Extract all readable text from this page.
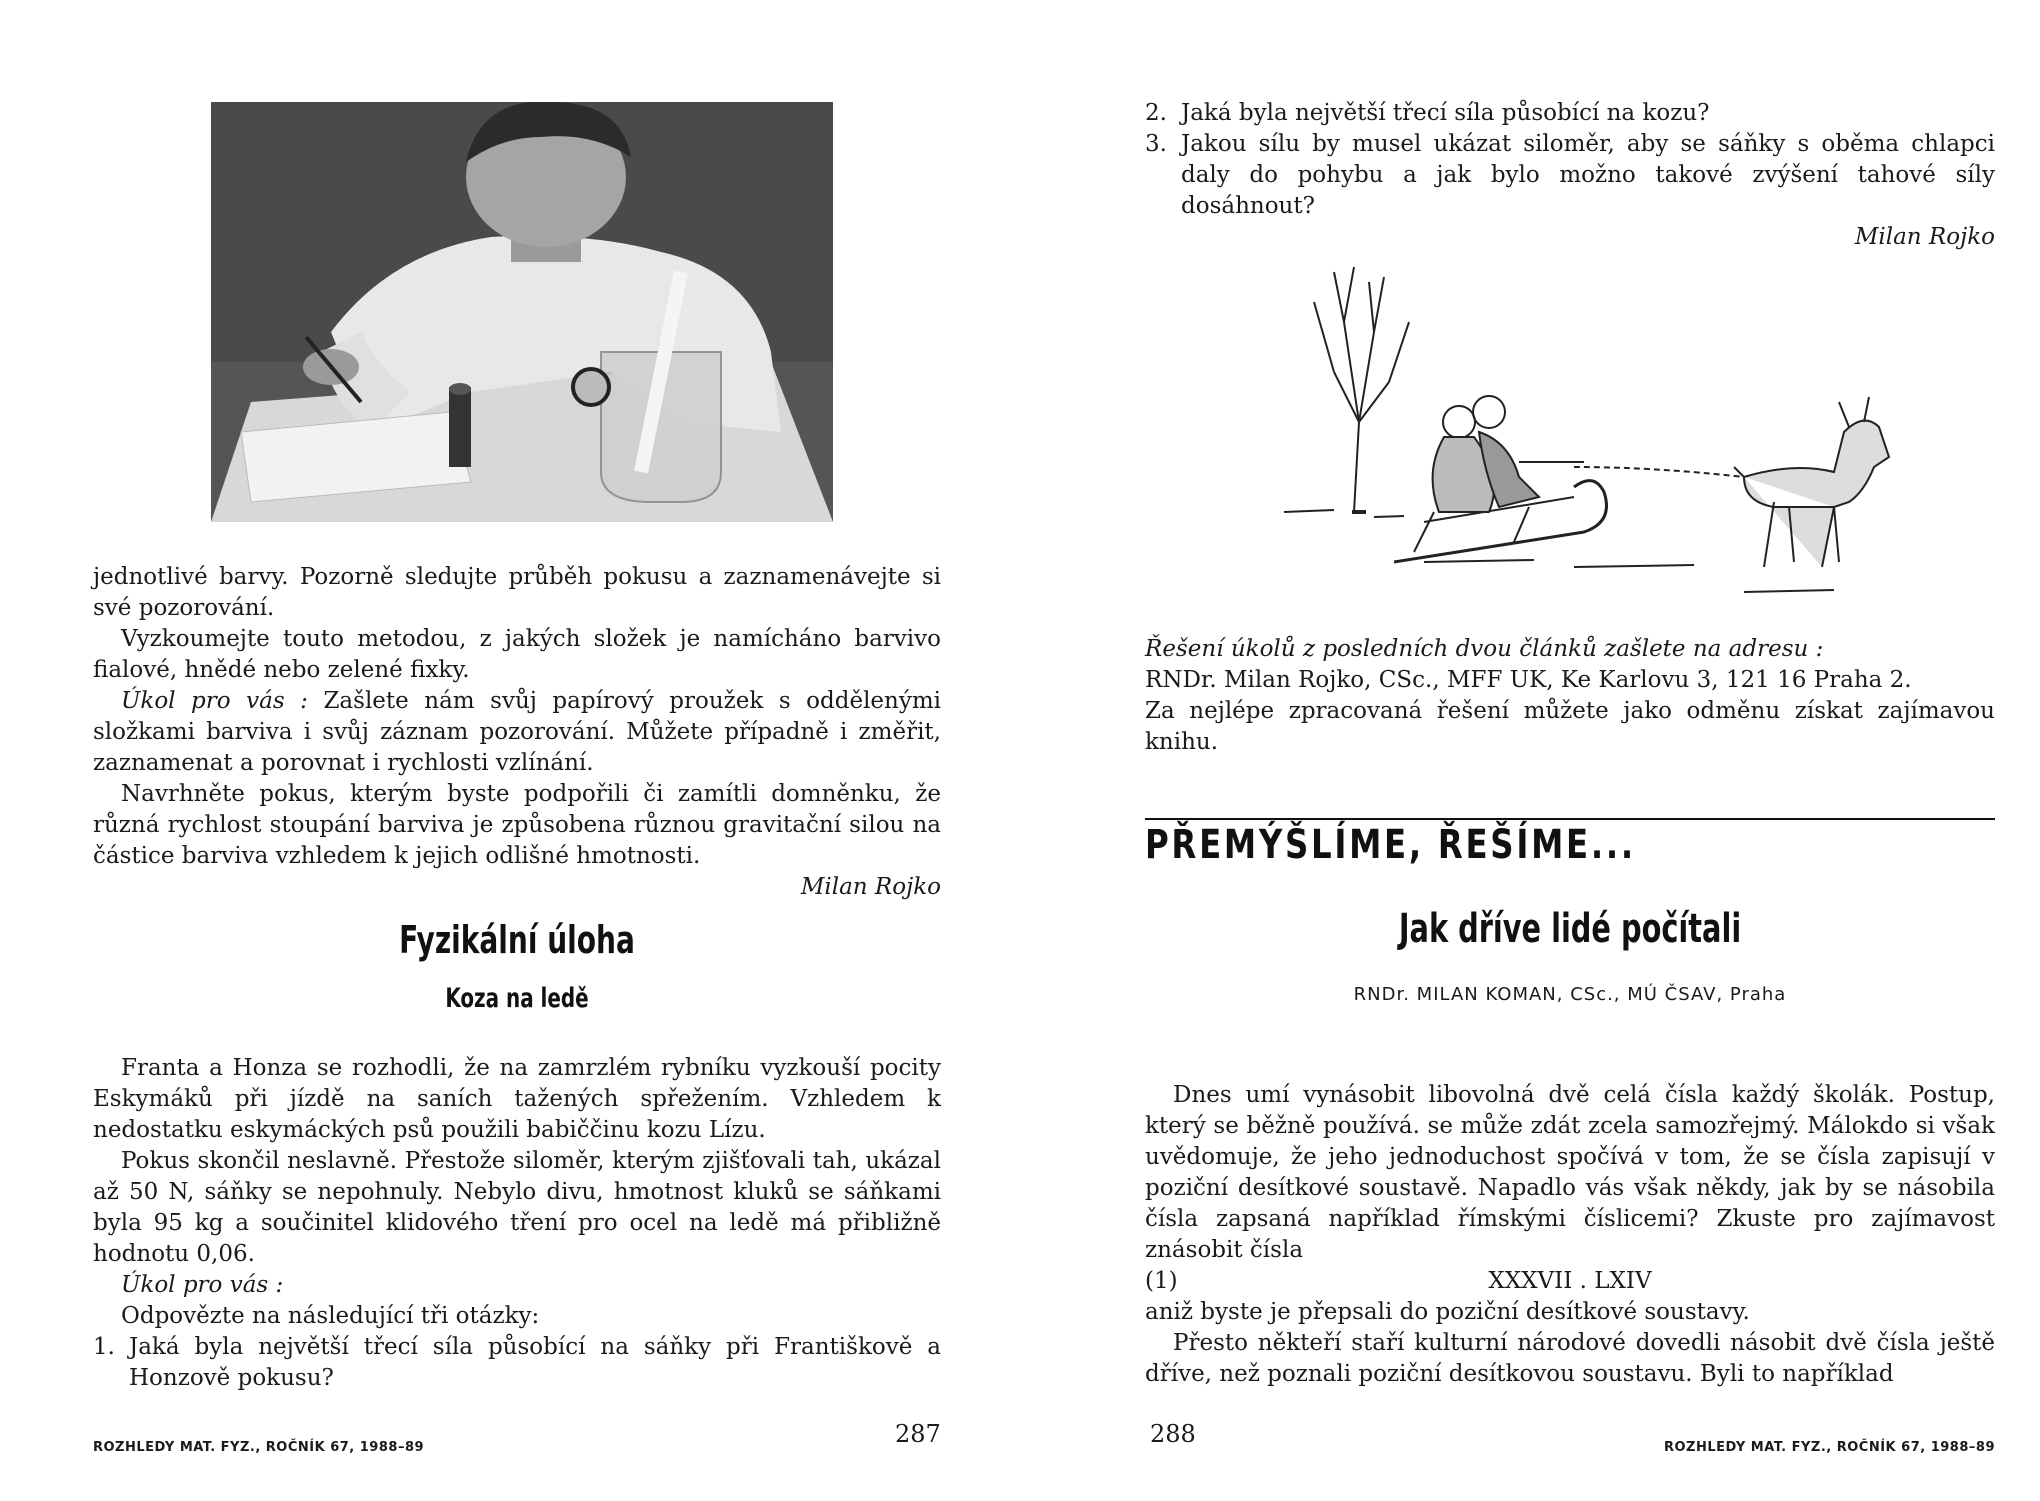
jednotlivé barvy. Pozorně sledujte průběh pokusu a zaznamenávejte si své pozorování.

Vyzkoumejte touto metodou, z jakých složek je namícháno barvivo fialové, hnědé nebo zelené fixky.

Úkol pro vás : Zašlete nám svůj papírový proužek s oddělenými složkami barviva i svůj záznam pozorování. Můžete případně i změřit, zaznamenat a porovnat i rychlosti vzlínání.

Navrhněte pokus, kterým byste podpořili či zamítli domněnku, že různá rychlost stoupání barviva je způsobena různou gravitační silou na částice barviva vzhledem k jejich odlišné hmotnosti.

Milan Rojko

Fyzikální úloha
Koza na ledě

Franta a Honza se rozhodli, že na zamrzlém rybníku vyzkouší pocity Eskymáků při jízdě na saních tažených spřežením. Vzhledem k nedostatku eskymáckých psů použili babiččinu kozu Lízu.

Pokus skončil neslavně. Přestože siloměr, kterým zjišťovali tah, ukázal až 50 N, sáňky se nepohnuly. Nebylo divu, hmotnost kluků se sáňkami byla 95 kg a součinitel klidového tření pro ocel na ledě má přibližně hodnotu 0,06.

Úkol pro vás :

Odpovězte na následující tři otázky:

1. Jaká byla největší třecí síla působící na sáňky při Františkově a Honzově pokusu?
ROZHLEDY MAT. FYZ., ROČNÍK 67, 1988–89	287
2. Jaká byla největší třecí síla působící na kozu?
3. Jakou sílu by musel ukázat siloměr, aby se sáňky s oběma chlapci daly do pohybu a jak bylo možno takové zvýšení tahové síly dosáhnout?

Milan Rojko

Řešení úkolů z posledních dvou článků zašlete na adresu :

RNDr. Milan Rojko, CSc., MFF UK, Ke Karlovu 3, 121 16 Praha 2.

Za nejlépe zpracovaná řešení můžete jako odměnu získat zajímavou knihu.

PŘEMÝŠLÍME, ŘEŠÍME...
Jak dříve lidé počítali
RNDr. MILAN KOMAN, CSc., MÚ ČSAV, Praha

Dnes umí vynásobit libovolná dvě celá čísla každý školák. Postup, který se běžně používá. se může zdát zcela samozřejmý. Málokdo si však uvědomuje, že jeho jednoduchost spočívá v tom, že se čísla zapisují v poziční desítkové soustavě. Napadlo vás však někdy, jak by se násobila čísla zapsaná například římskými číslicemi? Zkuste pro zajímavost znásobit čísla

(1)	XXXVII . LXIV

aniž byste je přepsali do poziční desítkové soustavy.

Přesto někteří staří kulturní národové dovedli násobit dvě čísla ještě dříve, než poznali poziční desítkovou soustavu. Byli to například

288	ROZHLEDY MAT. FYZ., ROČNÍK 67, 1988–89
